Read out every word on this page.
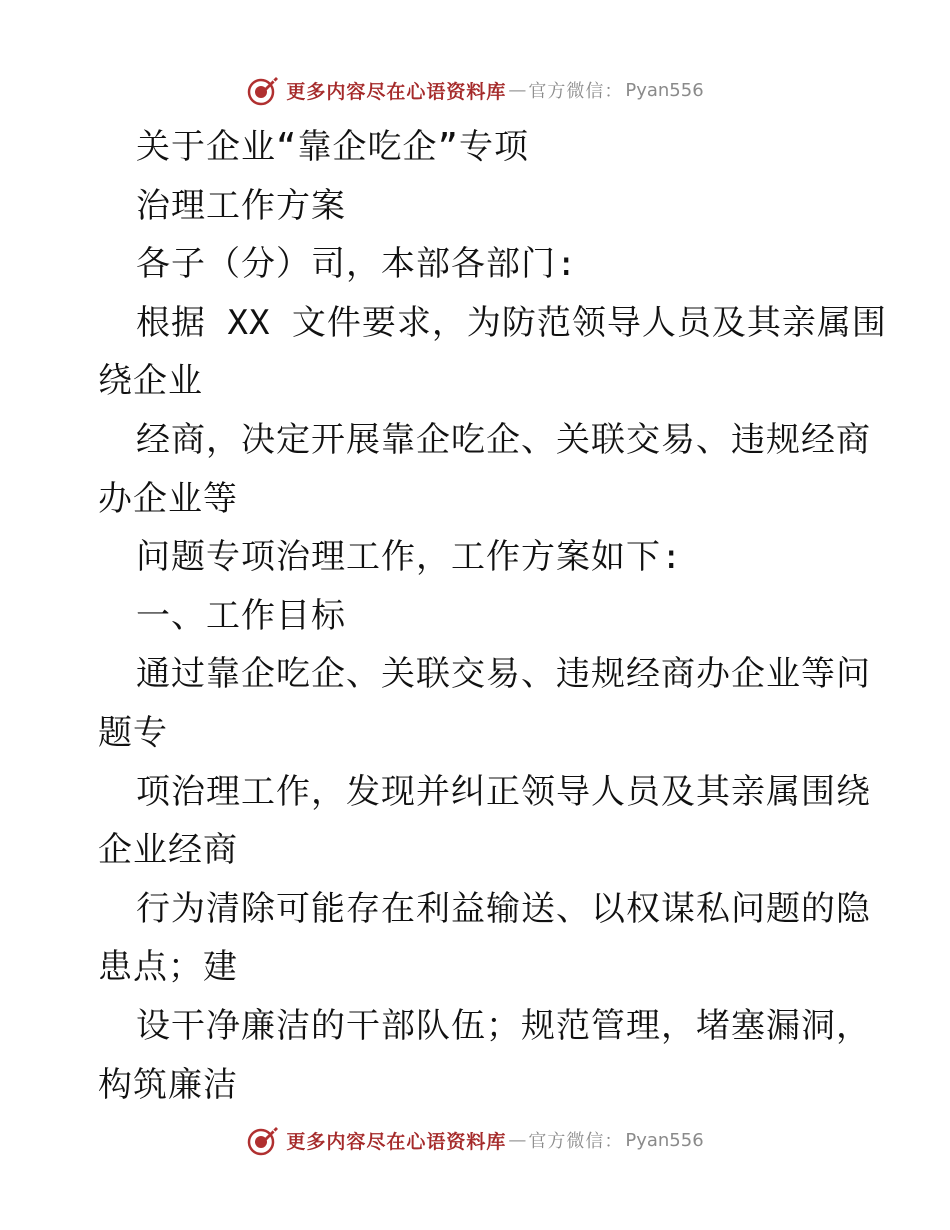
更多内容尽在心语资料库 — 官方微信： Pyan556
关于企业“靠企吃企”专项
治理工作方案
各子（分）司，本部各部门:
根据 XX 文件要求，为防范领导人员及其亲属围
绕企业
经商，决定开展靠企吃企、关联交易、违规经商
办企业等
问题专项治理工作，工作方案如下:
一、工作目标
通过靠企吃企、关联交易、违规经商办企业等问
题专
项治理工作，发现并纠正领导人员及其亲属围绕
企业经商
行为清除可能存在利益输送、以权谋私问题的隐
患点；建
设干净廉洁的干部队伍；规范管理，堵塞漏洞，
构筑廉洁
更多内容尽在心语资料库 — 官方微信： Pyan556
